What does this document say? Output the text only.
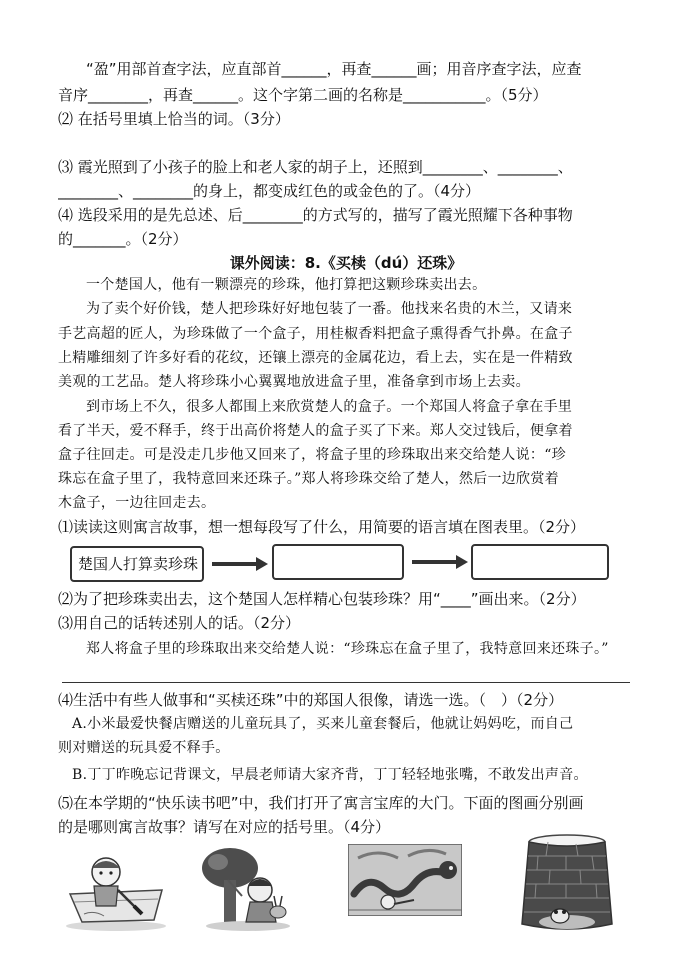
“盈”用部首查字法，应直部首______，再查______画；用音序查字法，应查
音序________，再查______。这个字第二画的名称是___________。（5分）
⑵ 在括号里填上恰当的词。（3分）
⑶ 霞光照到了小孩子的脸上和老人家的胡子上，还照到________、________、
________、________的身上，都变成红色的或金色的了。（4分）
⑷ 选段采用的是先总述、后________的方式写的，描写了霞光照耀下各种事物
的_______。（2分）
课外阅读：8.《买椟（dú）还珠》
一个楚国人，他有一颗漂亮的珍珠，他打算把这颗珍珠卖出去。
为了卖个好价钱，楚人把珍珠好好地包装了一番。他找来名贵的木兰，又请来
手艺高超的匠人，为珍珠做了一个盒子，用桂椒香料把盒子熏得香气扑鼻。在盒子
上精雕细刻了许多好看的花纹，还镶上漂亮的金属花边，看上去，实在是一件精致
美观的工艺品。楚人将珍珠小心翼翼地放进盒子里，准备拿到市场上去卖。
到市场上不久，很多人都围上来欣赏楚人的盒子。一个郑国人将盒子拿在手里
看了半天，爱不释手，终于出高价将楚人的盒子买了下来。郑人交过钱后，便拿着
盒子往回走。可是没走几步他又回来了，将盒子里的珍珠取出来交给楚人说：“珍
珠忘在盒子里了，我特意回来还珠子。”郑人将珍珠交给了楚人，然后一边欣赏着
木盒子，一边往回走去。
⑴读读这则寓言故事，想一想每段写了什么，用简要的语言填在图表里。（2分）
楚国人打算卖珍珠
⑵为了把珍珠卖出去，这个楚国人怎样精心包装珍珠？用“____”画出来。（2分）
⑶用自己的话转述别人的话。（2分）
郑人将盒子里的珍珠取出来交给楚人说：“珍珠忘在盒子里了，我特意回来还珠子。”
⑷生活中有些人做事和“买椟还珠”中的郑国人很像，请选一选。（　）（2分）
A.小米最爱快餐店赠送的儿童玩具了，买来儿童套餐后，他就让妈妈吃，而自己
则对赠送的玩具爱不释手。
B.丁丁昨晚忘记背课文，早晨老师请大家齐背，丁丁轻轻地张嘴，不敢发出声音。
⑸在本学期的“快乐读书吧”中，我们打开了寓言宝库的大门。下面的图画分别画
的是哪则寓言故事？请写在对应的括号里。（4分）
